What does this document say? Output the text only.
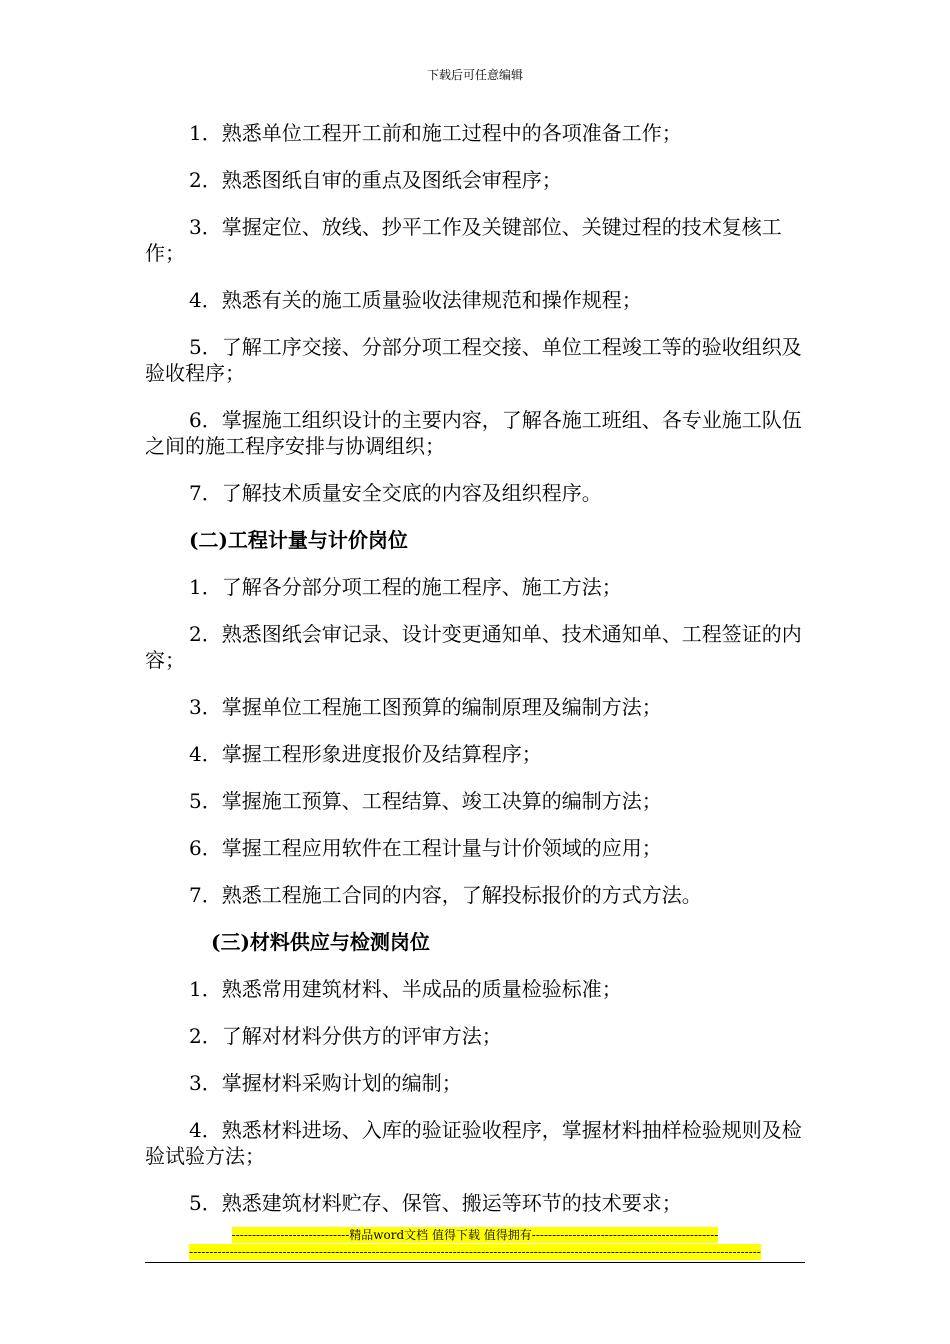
下载后可任意编辑

1．熟悉单位工程开工前和施工过程中的各项准备工作；

2．熟悉图纸自审的重点及图纸会审程序；

3．掌握定位、放线、抄平工作及关键部位、关键过程的技术复核工作；

4．熟悉有关的施工质量验收法律规范和操作规程；

5．了解工序交接、分部分项工程交接、单位工程竣工等的验收组织及验收程序；

6．掌握施工组织设计的主要内容，了解各施工班组、各专业施工队伍之间的施工程序安排与协调组织；

7．了解技术质量安全交底的内容及组织程序。

(二)工程计量与计价岗位

1．了解各分部分项工程的施工程序、施工方法；

2．熟悉图纸会审记录、设计变更通知单、技术通知单、工程签证的内容；

3．掌握单位工程施工图预算的编制原理及编制方法；

4．掌握工程形象进度报价及结算程序；

5．掌握施工预算、工程结算、竣工决算的编制方法；

6．掌握工程应用软件在工程计量与计价领域的应用；

7．熟悉工程施工合同的内容，了解投标报价的方式方法。

(三)材料供应与检测岗位

1．熟悉常用建筑材料、半成品的质量检验标准；

2．了解对材料分供方的评审方法；

3．掌握材料采购计划的编制；

4．熟悉材料进场、入库的验证验收程序，掌握材料抽样检验规则及检验试验方法；

5．熟悉建筑材料贮存、保管、搬运等环节的技术要求；

-----------------------------精品word文档 值得下载 值得拥有----------------------------------------------
---------------------------------------------------------------------------------------------------------------------------------------------
